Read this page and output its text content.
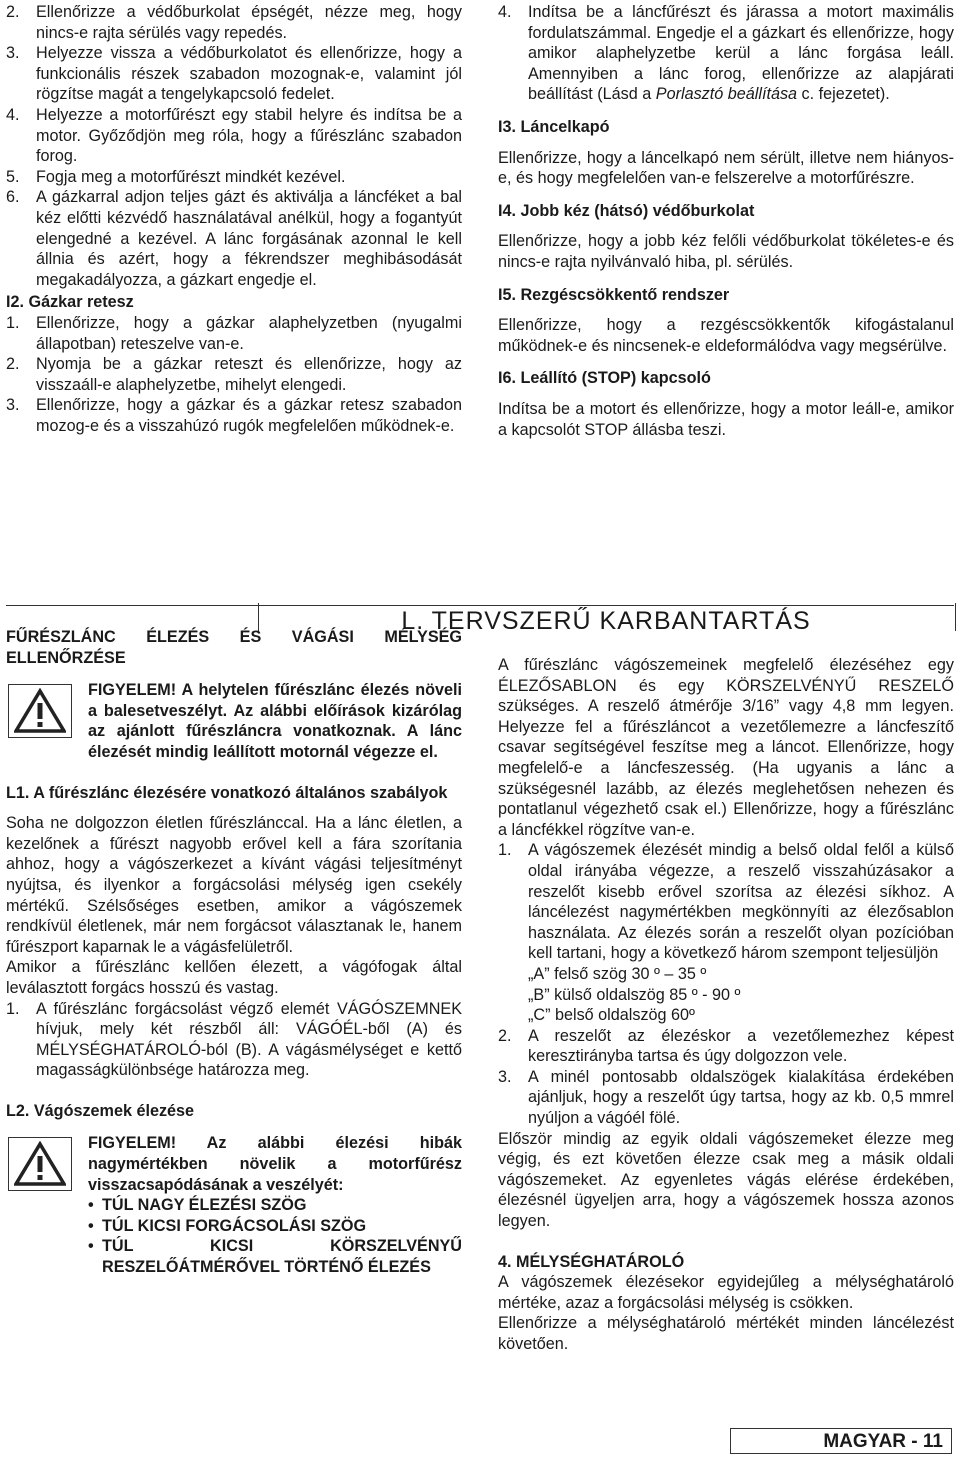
2.	Ellenőrizze a védőburkolat épségét, nézze meg, hogy nincs-e rajta sérülés vagy repedés.
3.	Helyezze vissza a védőburkolatot és ellenőrizze, hogy a funkcionális részek szabadon mozognak-e, valamint jól rögzítse magát a tengelykapcsoló fedelet.
4.	Helyezze a motorfűrészt egy stabil helyre és indítsa be a motor. Győződjön meg róla, hogy a fűrészlánc szabadon forog.
5.	Fogja meg a motorfűrészt mindkét kezével.
6.	A gázkarral adjon teljes gázt és aktiválja a láncféket a bal kéz előtti kézvédő használatával anélkül, hogy a fogantyút elengedné a kezével. A lánc forgásának azonnal le kell állnia és azért, hogy a fékrendszer meghibásodását megakadályozza, a gázkart engedje el.

I2. Gázkar retesz

1.	Ellenőrizze, hogy a gázkar alaphelyzetben (nyugalmi állapotban) reteszelve van-e.
2.	Nyomja be a gázkar reteszt és ellenőrizze, hogy az visszaáll-e alaphelyzetbe, mihelyt elengedi.
3.	Ellenőrizze, hogy a gázkar és a gázkar retesz szabadon mozog-e és a visszahúzó rugók megfelelően működnek-e.
4.	Indítsa be a láncfűrészt és járassa a motort maximális fordulatszámmal. Engedje el a gázkart és ellenőrizze, hogy amikor alaphelyzetbe kerül a lánc forgása leáll. Amennyiben a lánc forog, ellenőrizze az alapjárati beállítást (Lásd a Porlasztó beállítása c. fejezetet).

I3. Láncelkapó

Ellenőrizze, hogy a láncelkapó nem sérült, illetve nem hiányos-e, és hogy megfelelően van-e felszerelve a motorfűrészre.

I4. Jobb kéz (hátsó) védőburkolat

Ellenőrizze, hogy a jobb kéz felőli védőburkolat tökéletes-e és nincs-e rajta nyilvánvaló hiba, pl. sérülés.

I5. Rezgéscsökkentő rendszer

Ellenőrizze, hogy a rezgéscsökkentők kifogástalanul működnek-e és nincsenek-e eldeformálódva vagy megsérülve.

I6. Leállító (STOP) kapcsoló

Indítsa be a motort és ellenőrizze, hogy a motor leáll-e, amikor a kapcsolót STOP állásba teszi.

L. TERVSZERŰ KARBANTARTÁS

FŰRÉSZLÁNC ÉLEZÉS ÉS VÁGÁSI MÉLYSÉG ELLENŐRZÉSE

FIGYELEM! A helytelen fűrészlánc élezés növeli a balesetveszélyt. Az alábbi előírások kizárólag az ajánlott fűrészláncra vonatkoznak. A lánc élezését mindig leállított motornál végezze el.

L1. A fűrészlánc élezésére vonatkozó általános szabályok

Soha ne dolgozzon életlen fűrészlánccal. Ha a lánc életlen, a kezelőnek a fűrészt nagyobb erővel kell a fára szorítania ahhoz, hogy a vágószerkezet a kívánt vágási teljesítményt nyújtsa, és ilyenkor a forgácsolási mélység igen csekély mértékű. Szélsőséges esetben, amikor a vágószemek rendkívül életlenek, már nem forgácsot választanak le, hanem fűrészport kaparnak le a vágásfelületről.

Amikor a fűrészlánc kellően élezett, a vágófogak által leválasztott forgács hosszú és vastag.

1.	A fűrészlánc forgácsolást végző elemét VÁGÓSZEMNEK hívjuk, mely két részből áll: VÁGÓÉL-ből (A) és MÉLYSÉGHATÁROLÓ-ból (B). A vágásmélységet e kettő magasságkülönbsége határozza meg.

L2. Vágószemek élezése

FIGYELEM! Az alábbi élezési hibák nagymértékben növelik a motorfűrész visszacsapódásának a veszélyét:
• TÚL NAGY ÉLEZÉSI SZÖG
• TÚL KICSI FORGÁCSOLÁSI SZÖG
• TÚL KICSI KÖRSZELVÉNYŰ RESZELŐÁTMÉRŐVEL TÖRTÉNŐ ÉLEZÉS

A fűrészlánc vágószemeinek megfelelő élezéséhez egy ÉLEZŐSABLON és egy KÖRSZELVÉNYŰ RESZELŐ szükséges. A reszelő átmérője 3/16” vagy 4,8 mm legyen. Helyezze fel a fűrészláncot a vezetőlemezre a láncfeszítő csavar segítségével feszítse meg a láncot. Ellenőrizze, hogy megfelelő-e a láncfeszesség. (Ha ugyanis a lánc a szükségesnél lazább, az élezés meglehetősen nehezen és pontatlanul végezhető csak el.) Ellenőrizze, hogy a fűrészlánc a láncfékkel rögzítve van-e.

1.	A vágószemek élezését mindig a belső oldal felől a külső oldal irányába végezze, a reszelő visszahúzásakor a reszelőt kisebb erővel szorítsa az élezési síkhoz. A láncélezést nagymértékben megkönnyíti az élezősablon használata. Az élezés során a reszelőt olyan pozícióban kell tartani, hogy a következő három szempont teljesüljön
„A” felső szög 30 º – 35 º
„B” külső oldalszög 85 º - 90 º
„C” belső oldalszög 60º
2.	A reszelőt az élezéskor a vezetőlemezhez képest keresztirányba tartsa és úgy dolgozzon vele.
3.	A minél pontosabb oldalszögek kialakítása érdekében ajánljuk, hogy a reszelőt úgy tartsa, hogy az kb. 0,5 mmrel nyúljon a vágóél fölé.

Először mindig az egyik oldali vágószemeket élezze meg végig, és ezt követően élezze csak meg a másik oldali vágószemeket. Az egyenletes vágás elérése érdekében, élezésnél ügyeljen arra, hogy a vágószemek hossza azonos legyen.

4. MÉLYSÉGHATÁROLÓ

A vágószemek élezésekor egyidejűleg a mélységhatároló mértéke, azaz a forgácsolási mélység is csökken.

Ellenőrizze a mélységhatároló mértékét minden láncélezést követően.

MAGYAR - 11
